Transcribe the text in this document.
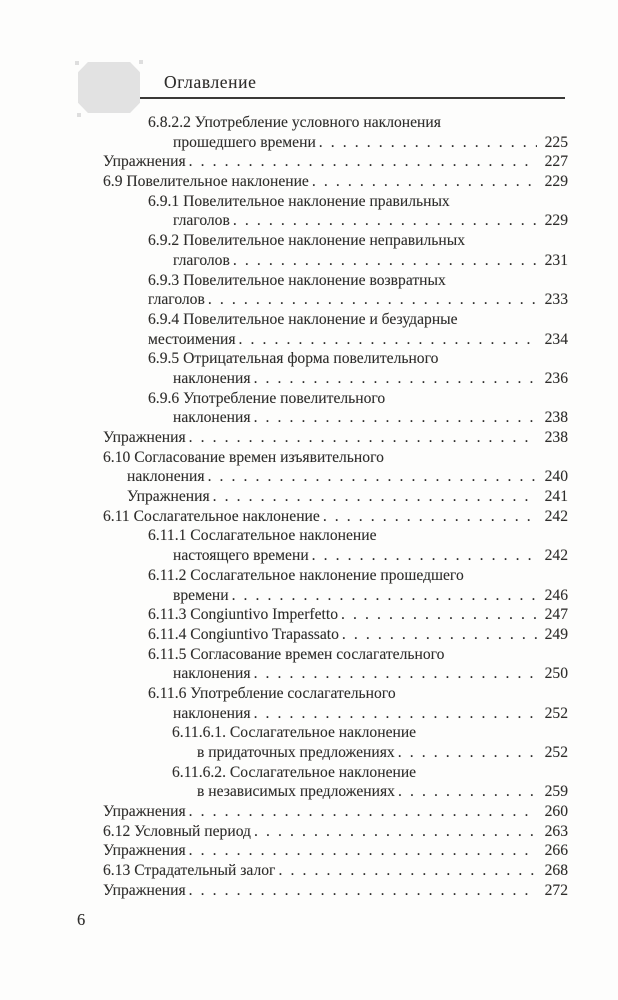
Оглавление
6.8.2.2 Употребление условного наклонения
прошедшего времени . . .	225
Упражнения . . .	227
6.9 Повелительное наклонение . . .	229
6.9.1 Повелительное наклонение правильных
глаголов . . .	229
6.9.2 Повелительное наклонение неправильных
глаголов . . .	231
6.9.3 Повелительное наклонение возвратных
глаголов . . .	233
6.9.4 Повелительное наклонение и безударные
местоимения . . .	234
6.9.5 Отрицательная форма повелительного
наклонения . . .	236
6.9.6 Употребление повелительного
наклонения . . .	238
Упражнения . . .	238
6.10 Согласование времен изъявительного
наклонения . . .	240
Упражнения . . .	241
6.11 Сослагательное наклонение . . .	242
6.11.1 Сослагательное наклонение
настоящего времени . . .	242
6.11.2 Сослагательное наклонение прошедшего
времени . . .	246
6.11.3 Congiuntivo Imperfetto . . .	247
6.11.4 Congiuntivo Trapassato . . .	249
6.11.5 Согласование времен сослагательного
наклонения . . .	250
6.11.6 Употребление сослагательного
наклонения . . .	252
6.11.6.1. Сослагательное наклонение
в придаточных предложениях . . .	252
6.11.6.2. Сослагательное наклонение
в независимых предложениях . . .	259
Упражнения . . .	260
6.12 Условный период . . .	263
Упражнения . . .	266
6.13 Страдательный залог . . .	268
Упражнения . . .	272
6
